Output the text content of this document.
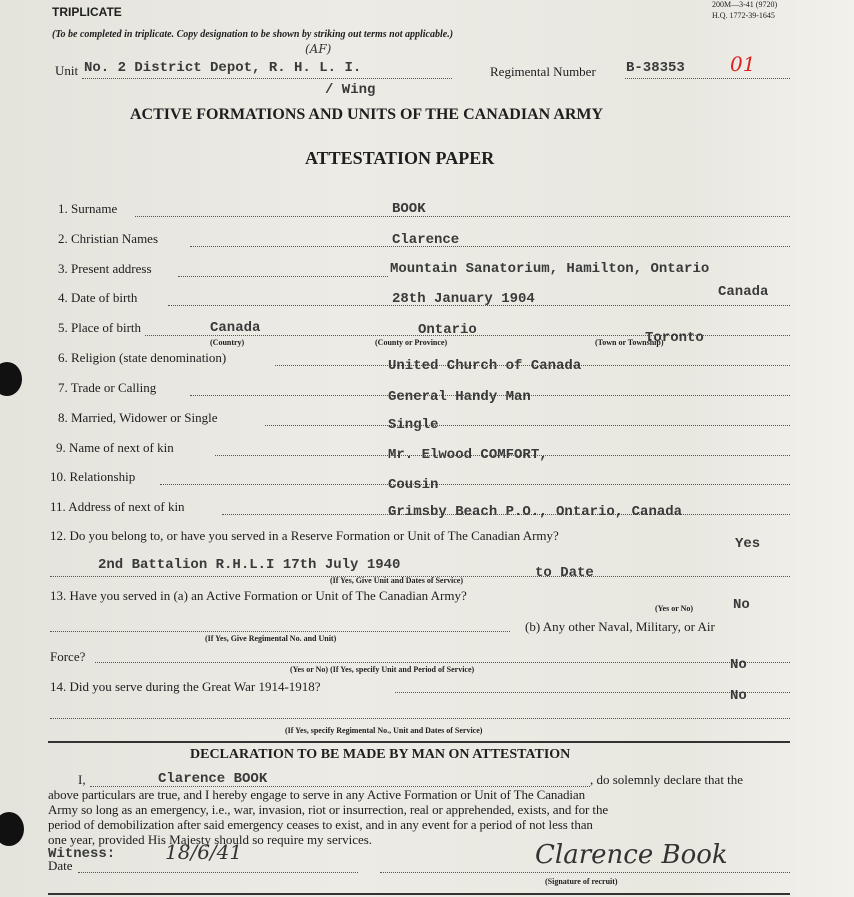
TRIPLICATE
200M—3-41 (9720)
H.Q. 1772-39-1645
(To be completed in triplicate. Copy designation to be shown by striking out terms not applicable.)
Unit No. 2 District Depot, R. H. L. I.
(AF)
/ Wing
Regimental Number B-38353 01
ACTIVE FORMATIONS AND UNITS OF THE CANADIAN ARMY
ATTESTATION PAPER
1. Surname	BOOK
2. Christian Names	Clarence
3. Present address	Mountain Sanatorium, Hamilton, Ontario
Canada
4. Date of birth	28th January 1904
5. Place of birth	Canada	Ontario	Toronto
(Country)	(County or Province)	(Town or Township)
6. Religion (state denomination)
United Church of Canada
7. Trade or Calling
General Handy Man
8. Married, Widower or Single	Single
9. Name of next of kin	Mr. Elwood COMFORT,
10. Relationship
Cousin
11. Address of next of kin	Grimsby Beach P.O., Ontario, Canada
12. Do you belong to, or have you served in a Reserve Formation or Unit of The Canadian Army?
Yes
2nd Battalion R.H.L.I 17th July 1940	to Date
(If Yes, Give Unit and Dates of Service)
13. Have you served in (a) an Active Formation or Unit of The Canadian Army?
(Yes or No)	No
(b) Any other Naval, Military, or Air
(If Yes, Give Regimental No. and Unit)
Force?
(Yes or No) (If Yes, specify Unit and Period of Service)	No
14. Did you serve during the Great War 1914-1918?
No
(If Yes, specify Regimental No., Unit and Dates of Service)
DECLARATION TO BE MADE BY MAN ON ATTESTATION
I,	Clarence BOOK	, do solemnly declare that the
above particulars are true, and I hereby engage to serve in any Active Formation or Unit of The Canadian
Army so long as an emergency, i.e., war, invasion, riot or insurrection, real or apprehended, exists, and for the
period of demobilization after said emergency ceases to exist, and in any event for a period of not less than
one year, provided His Majesty should so require my services.
Witness:
Date
18/6/41	Clarence Book
(Signature of recruit)
